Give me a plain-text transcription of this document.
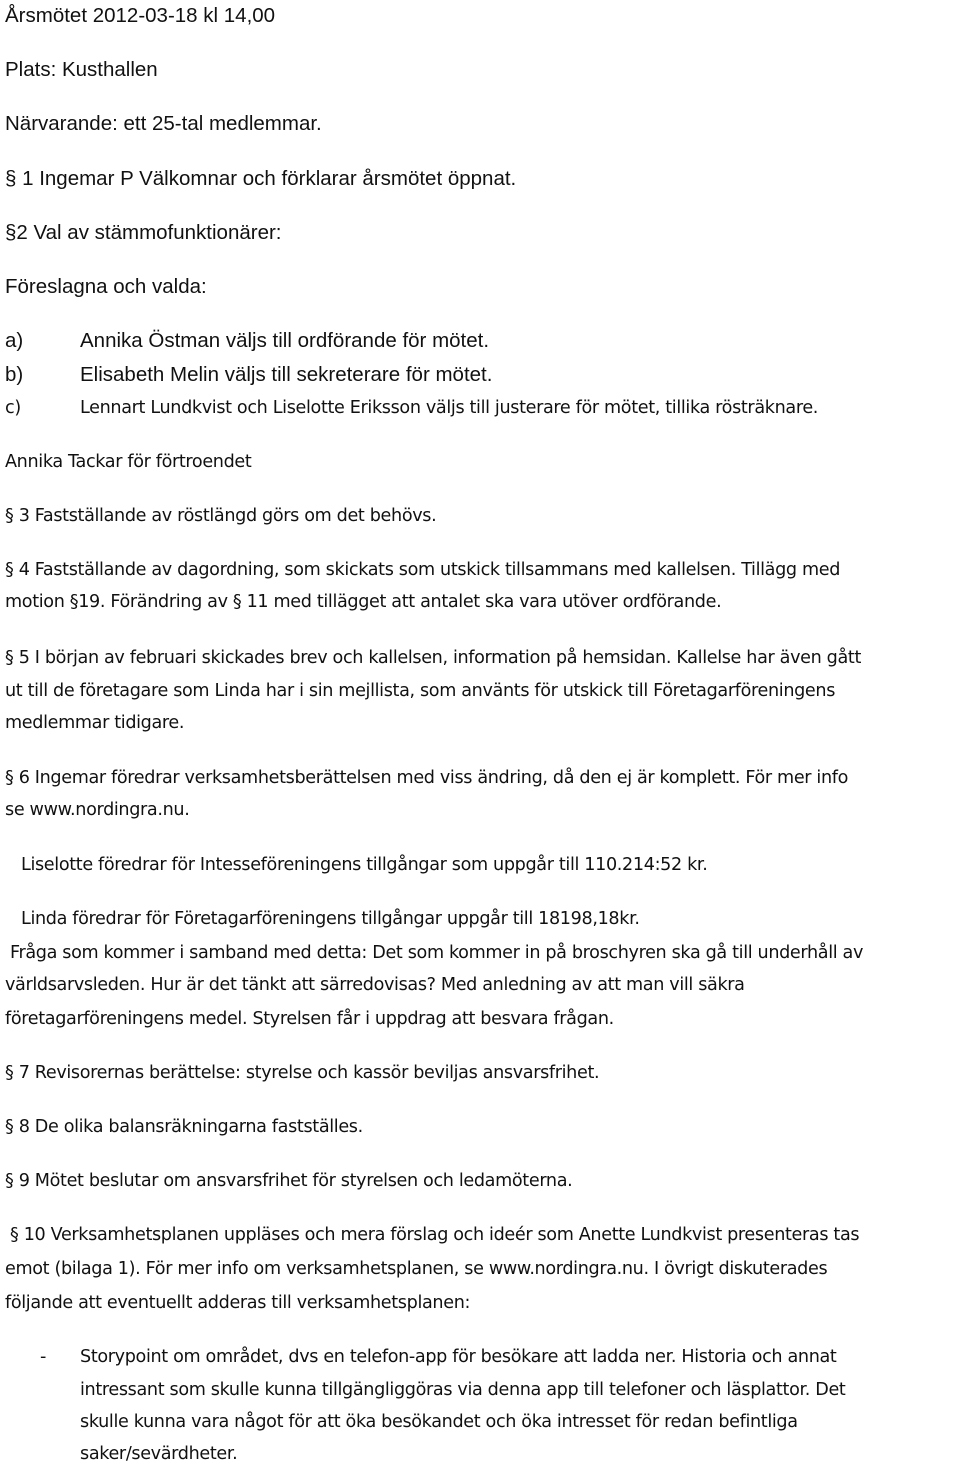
Årsmötet 2012-03-18 kl 14,00
Plats: Kusthallen
Närvarande: ett 25-tal medlemmar.
§ 1 Ingemar P Välkomnar och förklarar årsmötet öppnat.
§2 Val av stämmofunktionärer:
Föreslagna och valda:
a)	Annika Östman väljs till ordförande för mötet.
b)	Elisabeth Melin väljs till sekreterare för mötet.
c)	Lennart Lundkvist och Liselotte Eriksson väljs till justerare för mötet, tillika rösträknare.
Annika Tackar för förtroendet
§ 3 Fastställande av röstlängd görs om det behövs.
§ 4 Fastställande av dagordning, som skickats som utskick tillsammans med kallelsen. Tillägg med
motion §19. Förändring av § 11 med tillägget att antalet ska vara utöver ordförande.
§ 5 I början av februari skickades brev och kallelsen, information på hemsidan. Kallelse har även gått
ut till de företagare som Linda har i sin mejllista, som använts för utskick till Företagarföreningens
medlemmar tidigare.
§ 6 Ingemar föredrar verksamhetsberättelsen med viss ändring, då den ej är komplett. För mer info
se www.nordingra.nu.
Liselotte föredrar för Intesseföreningens tillgångar som uppgår till 110.214:52 kr.
Linda föredrar för Företagarföreningens tillgångar uppgår till 18198,18kr.
Fråga som kommer i samband med detta: Det som kommer in på broschyren ska gå till underhåll av
världsarvsleden. Hur är det tänkt att särredovisas? Med anledning av att man vill säkra
företagarföreningens medel. Styrelsen får i uppdrag att besvara frågan.
§ 7 Revisorernas berättelse: styrelse och kassör beviljas ansvarsfrihet.
§ 8 De olika balansräkningarna fastställes.
§ 9 Mötet beslutar om ansvarsfrihet för styrelsen och ledamöterna.
§ 10 Verksamhetsplanen uppläses och mera förslag och ideér som Anette Lundkvist presenteras tas
emot (bilaga 1). För mer info om verksamhetsplanen, se www.nordingra.nu. I övrigt diskuterades
följande att eventuellt adderas till verksamhetsplanen:
- Storypoint om området, dvs en telefon-app för besökare att ladda ner. Historia och annat
intressant som skulle kunna tillgängliggöras via denna app till telefoner och läsplattor. Det
skulle kunna vara något för att öka besökandet och öka intresset för redan befintliga
saker/sevärdheter.
